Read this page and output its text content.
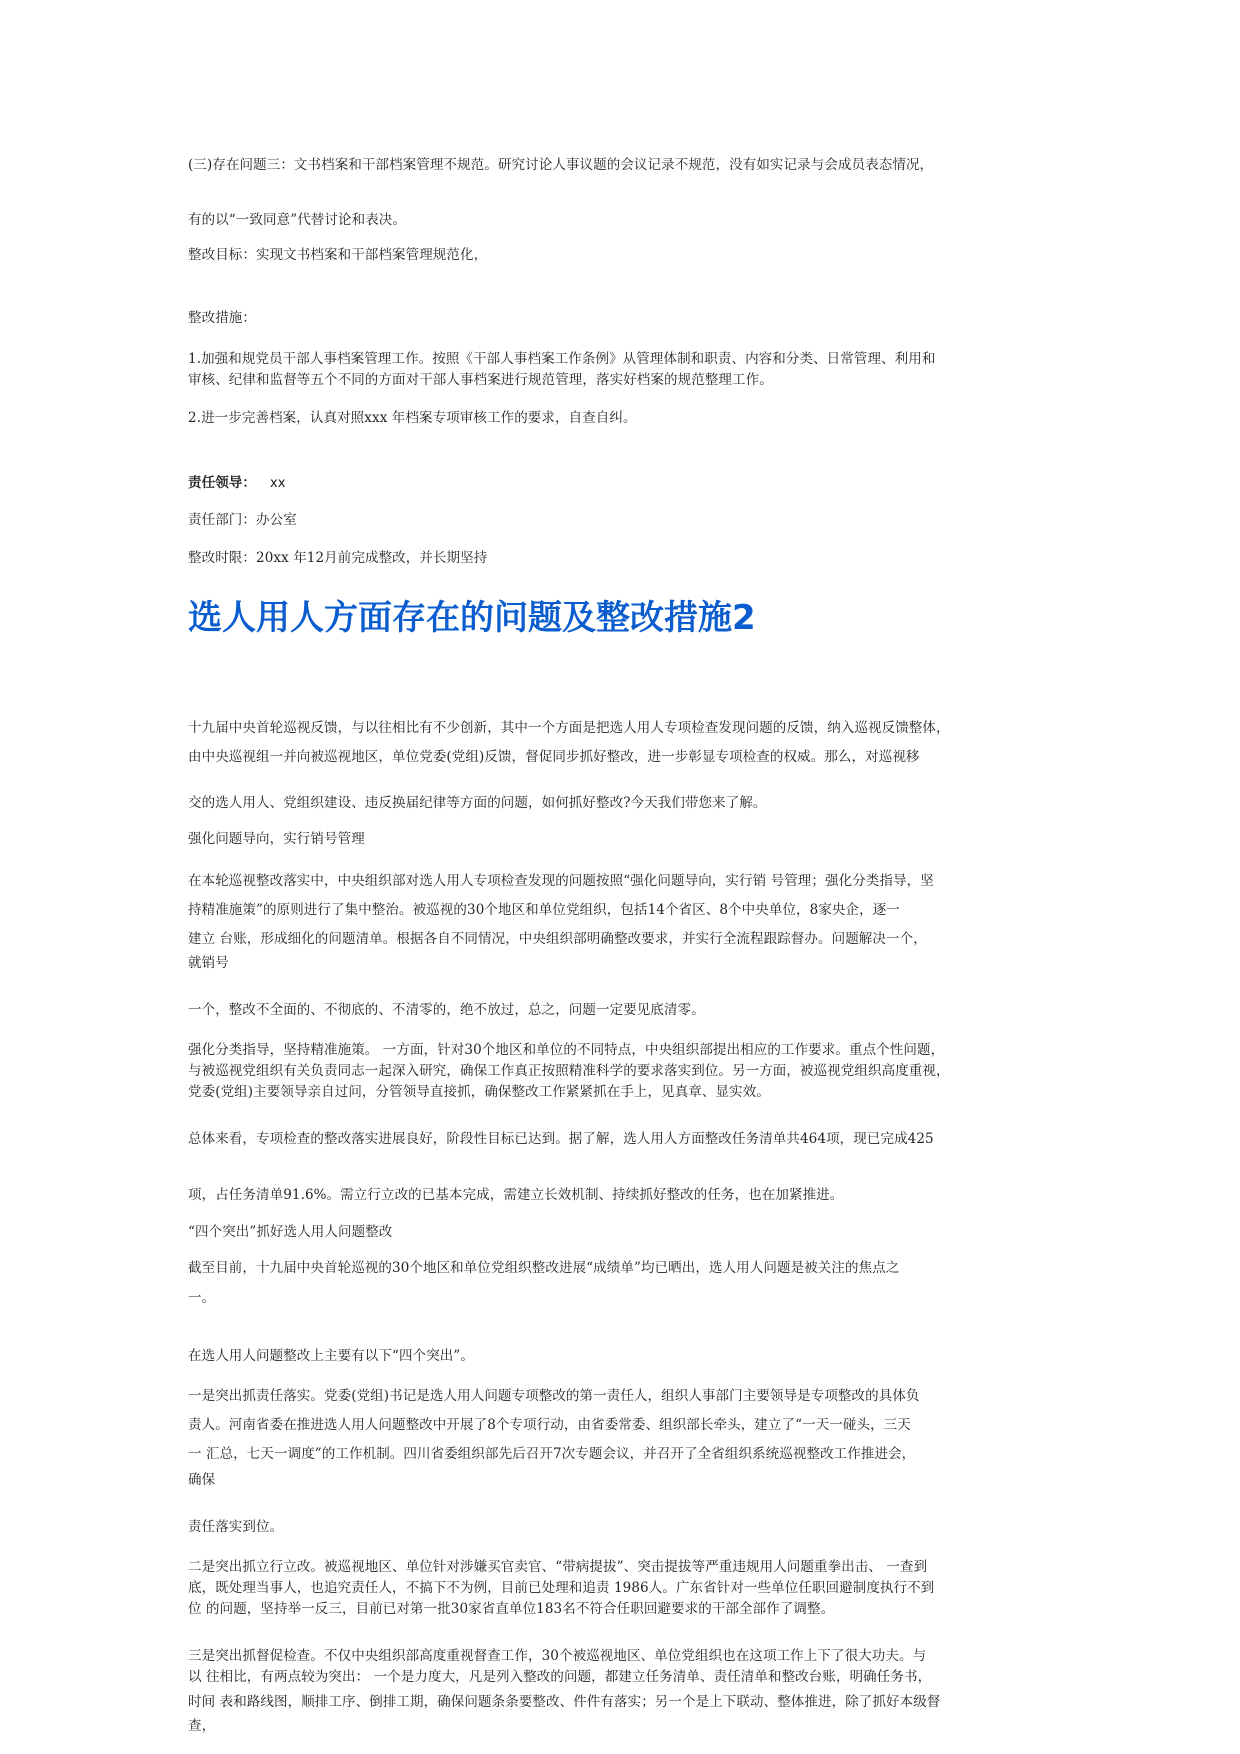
(三)存在问题三：文书档案和干部档案管理不规范。研究讨论人事议题的会议记录不规范，没有如实记录与会成员表态情况，

有的以“一致同意”代替讨论和表决。

整改目标：实现文书档案和干部档案管理规范化，

整改措施：

1.加强和规党员干部人事档案管理工作。按照《干部人事档案工作条例》从管理体制和职责、内容和分类、日常管理、利用和

审核、纪律和监督等五个不同的方面对干部人事档案进行规范管理，落实好档案的规范整理工作。

2.进一步完善档案，认真对照xxx 年档案专项审核工作的要求，自查自纠。

责任领导： xx

责任部门：办公室

整改时限：20xx 年12月前完成整改，并长期坚持

选人用人方面存在的问题及整改措施2

十九届中央首轮巡视反馈，与以往相比有不少创新，其中一个方面是把选人用人专项检查发现问题的反馈，纳入巡视反馈整体，

由中央巡视组一并向被巡视地区，单位党委(党组)反馈，督促同步抓好整改，进一步彰显专项检查的权威。那么，对巡视移

交的选人用人、党组织建设、违反换届纪律等方面的问题，如何抓好整改?今天我们带您来了解。

强化问题导向，实行销号管理

在本轮巡视整改落实中，中央组织部对选人用人专项检查发现的问题按照“强化问题导向，实行销 号管理；强化分类指导，坚

持精准施策”的原则进行了集中整治。被巡视的30个地区和单位党组织，包括14个省区、8个中央单位，8家央企，逐一

建立 台账，形成细化的问题清单。根据各自不同情况，中央组织部明确整改要求，并实行全流程跟踪督办。问题解决一个，

就销号

一个，整改不全面的、不彻底的、不清零的，绝不放过，总之，问题一定要见底清零。

强化分类指导，坚持精准施策。 一方面，针对30个地区和单位的不同特点，中央组织部提出相应的工作要求。重点个性问题，

与被巡视党组织有关负责同志一起深入研究，确保工作真正按照精准科学的要求落实到位。另一方面，被巡视党组织高度重视，

党委(党组)主要领导亲自过问，分管领导直接抓，确保整改工作紧紧抓在手上，见真章、显实效。

总体来看，专项检查的整改落实进展良好，阶段性目标已达到。据了解，选人用人方面整改任务清单共464项，现已完成425

项，占任务清单91.6%。需立行立改的已基本完成，需建立长效机制、持续抓好整改的任务，也在加紧推进。

“四个突出”抓好选人用人问题整改

截至目前，十九届中央首轮巡视的30个地区和单位党组织整改进展“成绩单”均已晒出，选人用人问题是被关注的焦点之

一。

在选人用人问题整改上主要有以下“四个突出”。

一是突出抓责任落实。党委(党组)书记是选人用人问题专项整改的第一责任人，组织人事部门主要领导是专项整改的具体负

责人。河南省委在推进选人用人问题整改中开展了8个专项行动，由省委常委、组织部长牵头，建立了“一天一碰头，三天

一 汇总，七天一调度”的工作机制。四川省委组织部先后召开7次专题会议，并召开了全省组织系统巡视整改工作推进会，

确保

责任落实到位。

二是突出抓立行立改。被巡视地区、单位针对涉嫌买官卖官、“带病提拔”、突击提拔等严重违规用人问题重拳出击、 一查到

底，既处理当事人，也追究责任人，不搞下不为例，目前已处理和追责 1986人。广东省针对一些单位任职回避制度执行不到

位 的问题，坚持举一反三，目前已对第一批30家省直单位183名不符合任职回避要求的干部全部作了调整。

三是突出抓督促检查。不仅中央组织部高度重视督查工作，30个被巡视地区、单位党组织也在这项工作上下了很大功夫。与

以 往相比，有两点较为突出： 一个是力度大，凡是列入整改的问题，都建立任务清单、责任清单和整改台账，明确任务书，

时间 表和路线图，顺排工序、倒排工期，确保问题条条要整改、件件有落实；另一个是上下联动、整体推进，除了抓好本级督

查，
